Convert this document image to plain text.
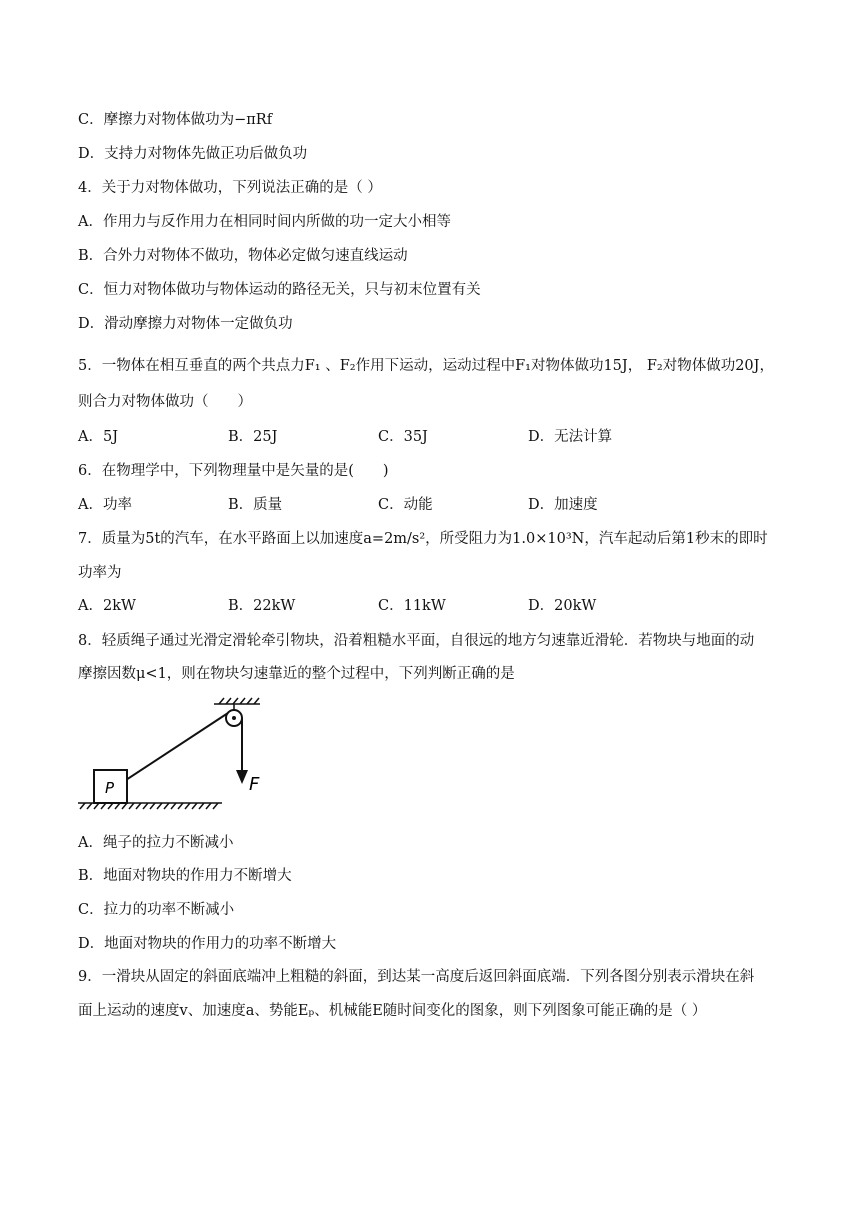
C．摩擦力对物体做功为−πRf
D．支持力对物体先做正功后做负功
4．关于力对物体做功，下列说法正确的是（ ）
A．作用力与反作用力在相同时间内所做的功一定大小相等
B．合外力对物体不做功，物体必定做匀速直线运动
C．恒力对物体做功与物体运动的路径无关，只与初末位置有关
D．滑动摩擦力对物体一定做负功
5．一物体在相互垂直的两个共点力F₁ 、F₂作用下运动，运动过程中F₁对物体做功15J， F₂对物体做功20J，
则合力对物体做功（　　）
A．5J	B．25J	C．35J	D．无法计算
6．在物理学中，下列物理量中是矢量的是(　　)
A．功率	B．质量	C．动能	D．加速度
7．质量为5t的汽车，在水平路面上以加速度a=2m/s²，所受阻力为1.0×10³N，汽车起动后第1秒末的即时
功率为
A．2kW	B．22kW	C．11kW	D．20kW
8．轻质绳子通过光滑定滑轮牵引物块，沿着粗糙水平面，自很远的地方匀速靠近滑轮．若物块与地面的动
摩擦因数μ<1，则在物块匀速靠近的整个过程中，下列判断正确的是
F
P
A．绳子的拉力不断减小
B．地面对物块的作用力不断增大
C．拉力的功率不断减小
D．地面对物块的作用力的功率不断增大
9．一滑块从固定的斜面底端冲上粗糙的斜面，到达某一高度后返回斜面底端．下列各图分别表示滑块在斜
面上运动的速度v、加速度a、势能Eₚ、机械能E随时间变化的图象，则下列图象可能正确的是（ ）
